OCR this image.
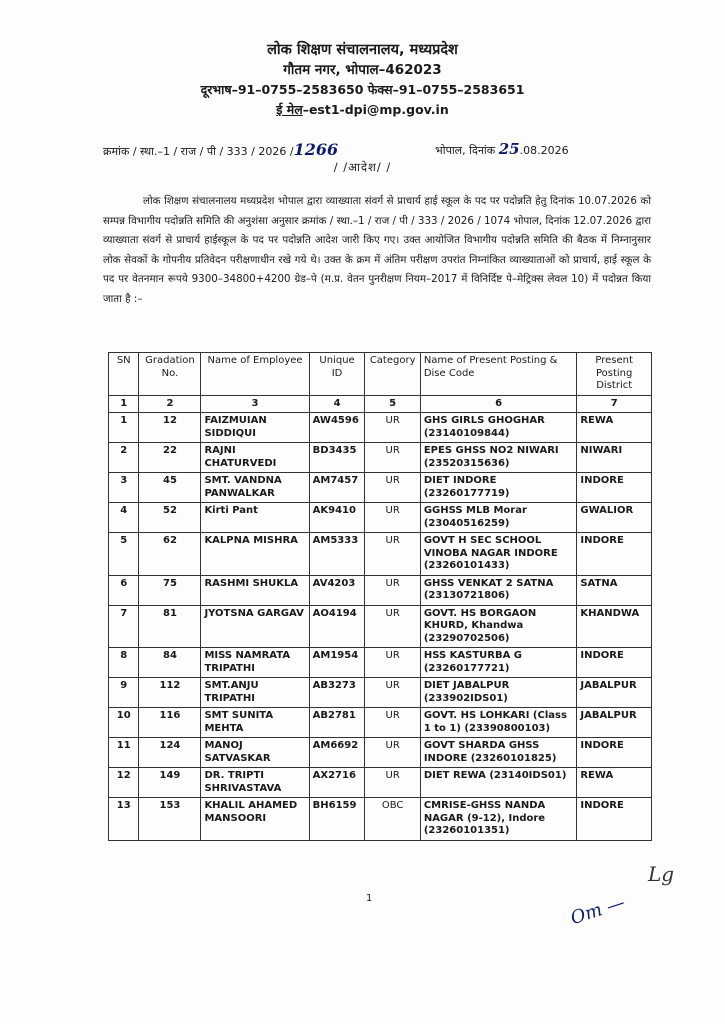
लोक शिक्षण संचालनालय, मध्यप्रदेश
गौतम नगर, भोपाल–462023
दूरभाष–91–0755–2583650 फेक्स–91–0755–2583651
ई मेल–est1-dpi@mp.gov.in
क्रमांक / स्था.–1 / राज / पी / 333 / 2026 /1266	भोपाल, दिनांक 25.08.2026
/ /आदेश/ /

लोक शिक्षण संचालनालय मध्यप्रदेश भोपाल द्वारा व्याख्याता संवर्ग से प्राचार्य हाई स्कूल के पद पर पदोन्नति हेतु दिनांक 10.07.2026 को सम्पन्न विभागीय पदोन्नति समिति की अनुशंसा अनुसार क्रमांक / स्था.–1 / राज / पी / 333 / 2026 / 1074 भोपाल, दिनांक 12.07.2026 द्वारा व्याख्याता संवर्ग से प्राचार्य हाईस्कूल के पद पर पदोन्नति आदेश जारी किए गए। उक्त आयोजित विभागीय पदोन्नति समिति की बैठक में निम्नानुसार लोक सेवकों के गोपनीय प्रतिवेदन परीक्षणाधीन रखे गये थे। उक्त के क्रम में अंतिम परीक्षण उपरांत निम्नांकित व्याख्याताओं को प्राचार्य, हाई स्कूल के पद पर वेतनमान रूपये 9300–34800+4200 ग्रेड–पे (म.प्र. वेतन पुनरीक्षण नियम–2017 में विनिर्दिष्ट पे–मेट्रिक्स लेवल 10) में पदोन्नत किया जाता है :–

SN	Gradation No.	Name of Employee	Unique ID	Category	Name of Present Posting & Dise Code	Present Posting District
1	2	3	4	5	6	7
1	12	FAIZMUIAN SIDDIQUI	AW4596	UR	GHS GIRLS GHOGHAR (23140109844)	REWA
2	22	RAJNI CHATURVEDI	BD3435	UR	EPES GHSS NO2 NIWARI (23520315636)	NIWARI
3	45	SMT. VANDNA PANWALKAR	AM7457	UR	DIET INDORE (23260177719)	INDORE
4	52	Kirti Pant	AK9410	UR	GGHSS MLB Morar (23040516259)	GWALIOR
5	62	KALPNA MISHRA	AM5333	UR	GOVT H SEC SCHOOL VINOBA NAGAR INDORE (23260101433)	INDORE
6	75	RASHMI SHUKLA	AV4203	UR	GHSS VENKAT 2 SATNA (23130721806)	SATNA
7	81	JYOTSNA GARGAV	AO4194	UR	GOVT. HS BORGAON KHURD, Khandwa (23290702506)	KHANDWA
8	84	MISS NAMRATA TRIPATHI	AM1954	UR	HSS KASTURBA G (23260177721)	INDORE
9	112	SMT.ANJU TRIPATHI	AB3273	UR	DIET JABALPUR (233902IDS01)	JABALPUR
10	116	SMT SUNITA MEHTA	AB2781	UR	GOVT. HS LOHKARI (Class 1 to 1) (23390800103)	JABALPUR
11	124	MANOJ SATVASKAR	AM6692	UR	GOVT SHARDA GHSS INDORE (23260101825)	INDORE
12	149	DR. TRIPTI SHRIVASTAVA	AX2716	UR	DIET REWA (23140IDS01)	REWA
13	153	KHALIL AHAMED MANSOORI	BH6159	OBC	CMRISE-GHSS NANDA NAGAR (9-12), Indore (23260101351)	INDORE
1
Lg
Om —
